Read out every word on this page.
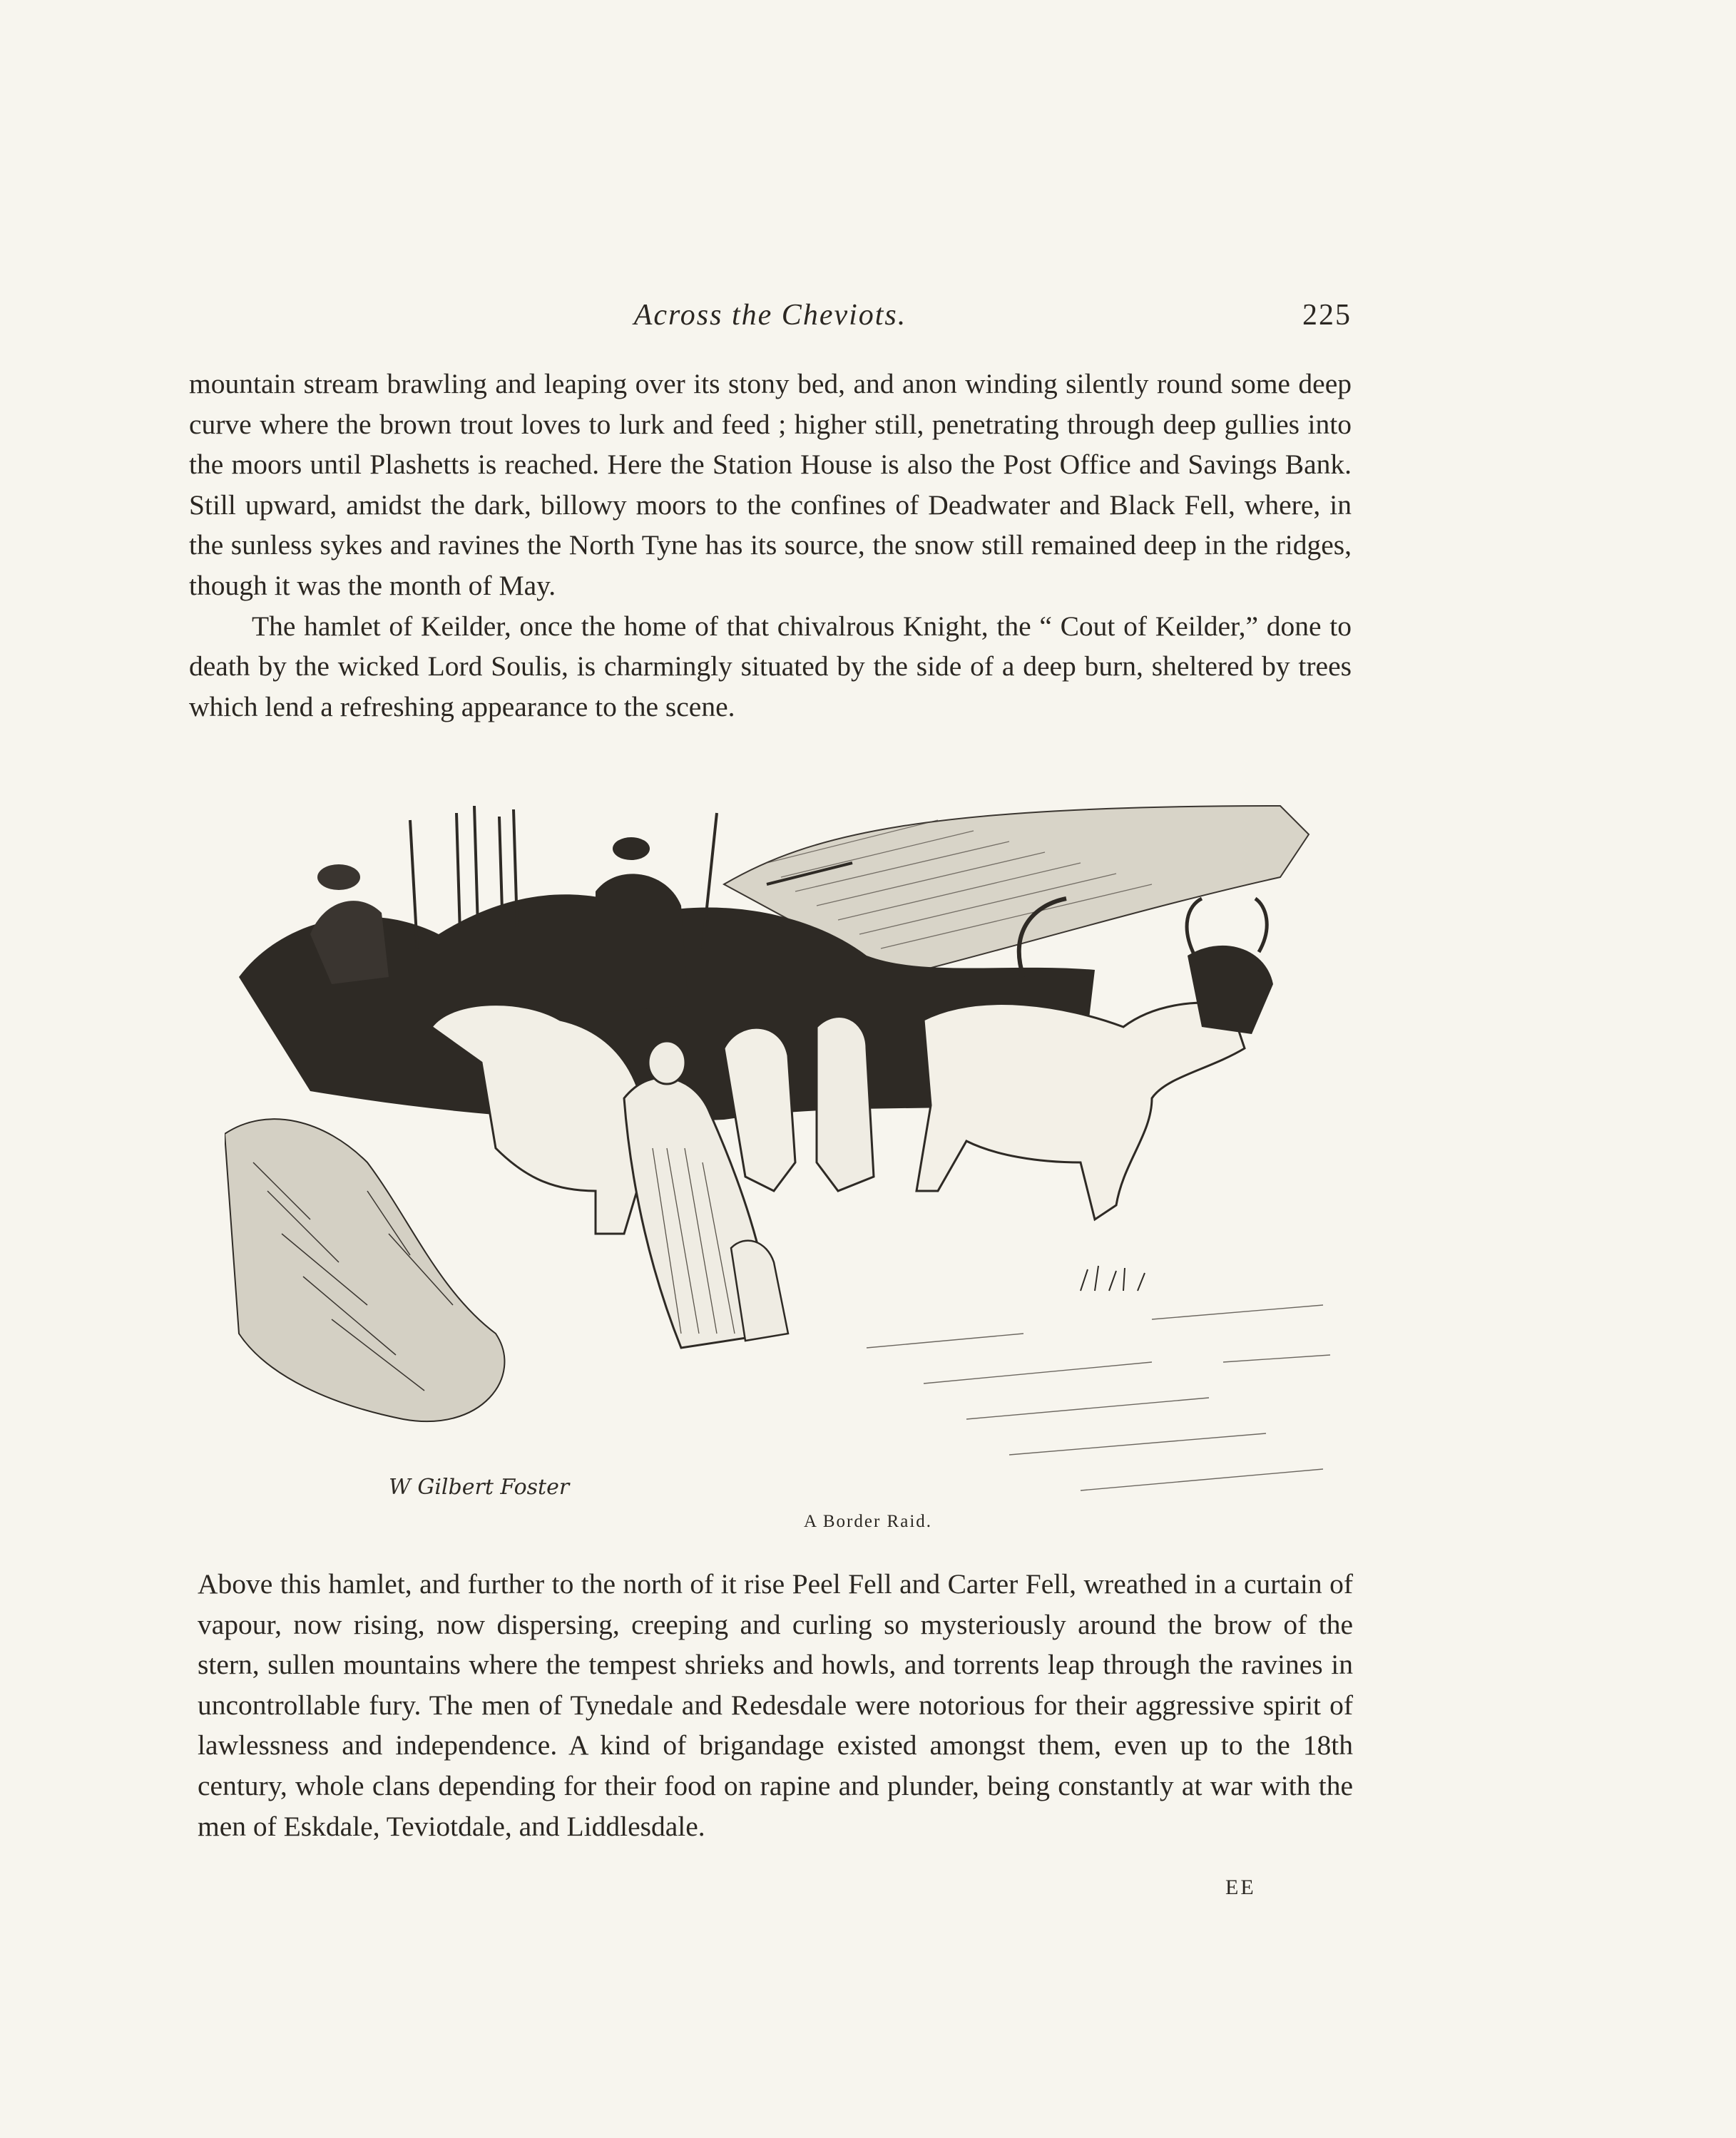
Across the Cheviots.	225

mountain stream brawling and leaping over its stony bed, and anon winding silently round some deep curve where the brown trout loves to lurk and feed ; higher still, penetrating through deep gullies into the moors until Plashetts is reached. Here the Station House is also the Post Office and Savings Bank. Still upward, amidst the dark, billowy moors to the confines of Deadwater and Black Fell, where, in the sunless sykes and ravines the North Tyne has its source, the snow still remained deep in the ridges, though it was the month of May.

The hamlet of Keilder, once the home of that chivalrous Knight, the “ Cout of Keilder,” done to death by the wicked Lord Soulis, is charmingly situated by the side of a deep burn, sheltered by trees which lend a refreshing appearance to the scene.

W Gilbert Foster
A Border Raid.

Above this hamlet, and further to the north of it rise Peel Fell and Carter Fell, wreathed in a curtain of vapour, now rising, now dispersing, creeping and curling so mysteriously around the brow of the stern, sullen mountains where the tempest shrieks and howls, and torrents leap through the ravines in uncontrollable fury. The men of Tynedale and Redesdale were notorious for their aggressive spirit of lawlessness and independence. A kind of brigandage existed amongst them, even up to the 18th century, whole clans depending for their food on rapine and plunder, being constantly at war with the men of Eskdale, Teviotdale, and Liddlesdale.

EE
